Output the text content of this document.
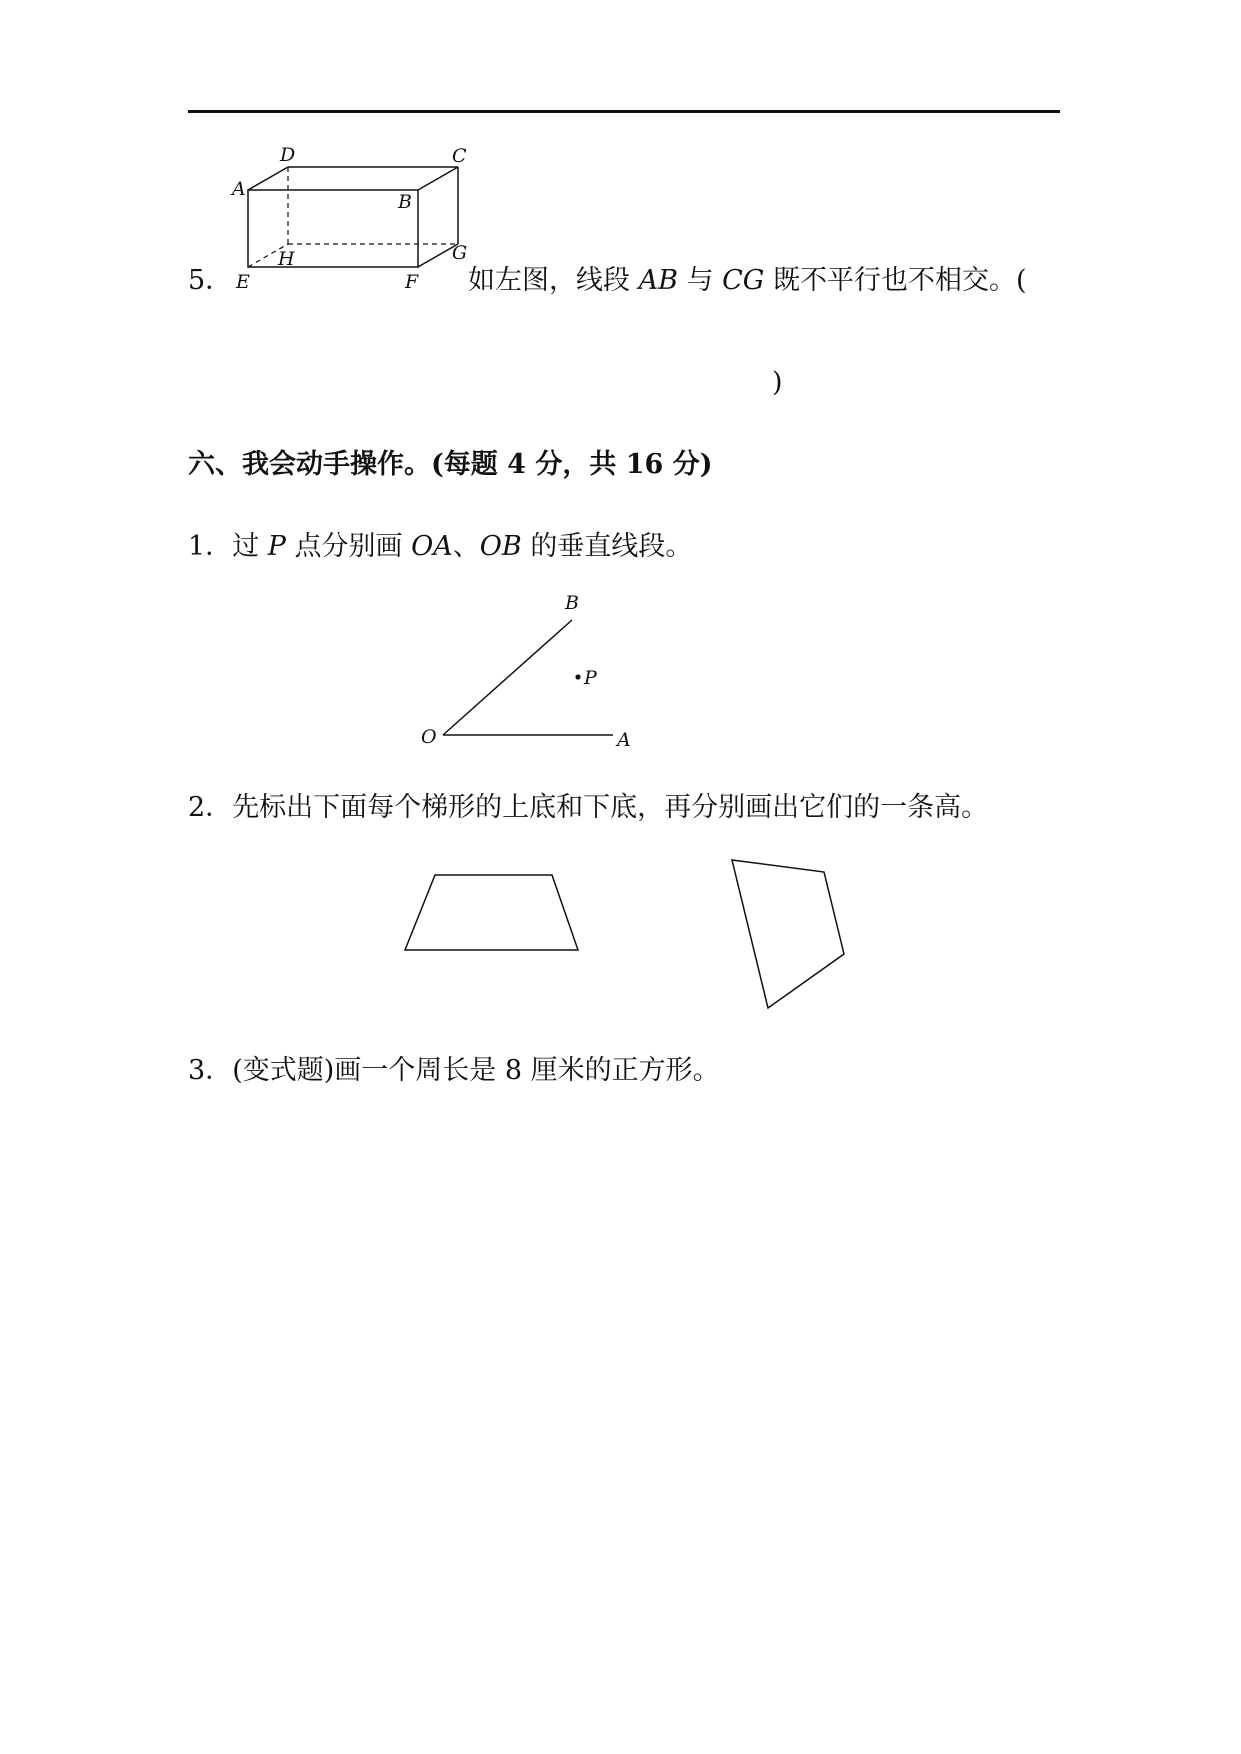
A
D	C
B
G
H
E	F
5．	如左图，线段 AB 与 CG 既不平行也不相交。(
)
六、我会动手操作。(每题 4 分，共 16 分)
1．过 P 点分别画 OA、OB 的垂直线段。
B
P
O	A
2．先标出下面每个梯形的上底和下底，再分别画出它们的一条高。
3．(变式题)画一个周长是 8 厘米的正方形。
